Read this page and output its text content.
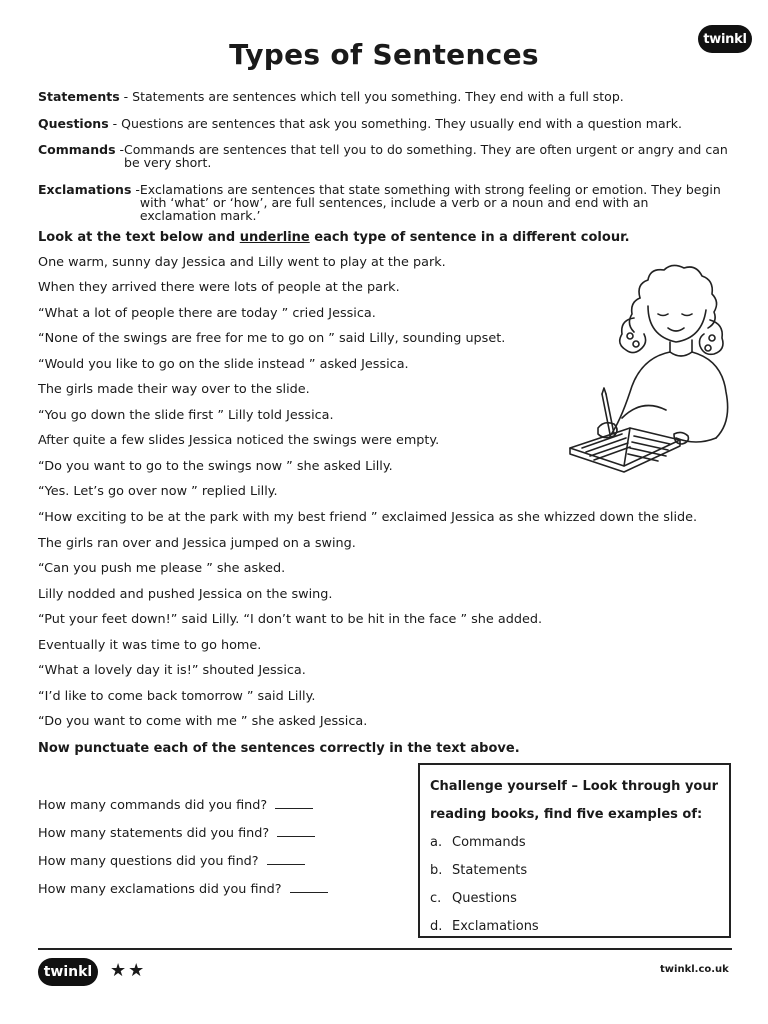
twinkl
Types of Sentences
Statements - Statements are sentences which tell you something. They end with a full stop.
Questions - Questions are sentences that ask you something. They usually end with a question mark.
Commands - Commands are sentences that tell you to do something. They are often urgent or angry and can be very short.
Exclamations - Exclamations are sentences that state something with strong feeling or emotion. They begin with ‘what’ or ‘how’, are full sentences, include a verb or a noun and end with an exclamation mark.’
Look at the text below and underline each type of sentence in a different colour.
One warm, sunny day Jessica and Lilly went to play at the park.
When they arrived there were lots of people at the park.
“What a lot of people there are today ” cried Jessica.
“None of the swings are free for me to go on ” said Lilly, sounding upset.
“Would you like to go on the slide instead ” asked Jessica.
The girls made their way over to the slide.
“You go down the slide first ” Lilly told Jessica.
After quite a few slides Jessica noticed the swings were empty.
“Do you want to go to the swings now ” she asked Lilly.
“Yes. Let’s go over now ” replied Lilly.
“How exciting to be at the park with my best friend ” exclaimed Jessica as she whizzed down the slide.
The girls ran over and Jessica jumped on a swing.
“Can you push me please ” she asked.
Lilly nodded and pushed Jessica on the swing.
“Put your feet down!” said Lilly. “I don’t want to be hit in the face ” she added.
Eventually it was time to go home.
“What a lovely day it is!” shouted Jessica.
“I’d like to come back tomorrow ” said Lilly.
“Do you want to come with me ” she asked Jessica.
Now punctuate each of the sentences correctly in the text above.
How many commands did you find?
How many statements did you find?
How many questions did you find?
How many exclamations did you find?
Challenge yourself – Look through your
reading books, find five examples of:
a. Commands
b. Statements
c. Questions
d. Exclamations
twinkl ★★	twinkl.co.uk
